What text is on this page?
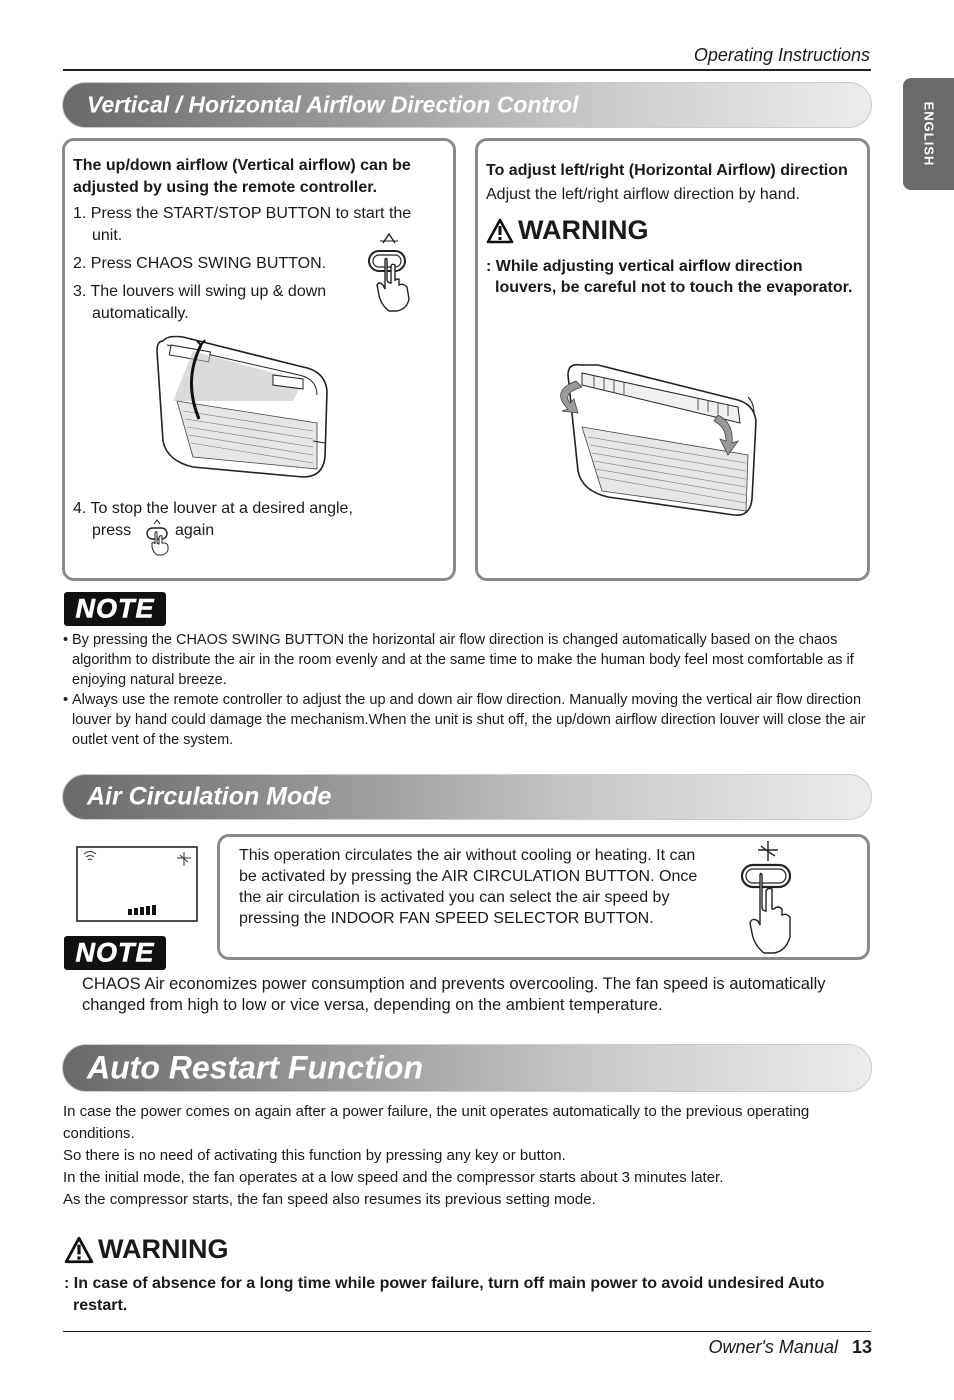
Operating Instructions
ENGLISH
Vertical / Horizontal Airflow Direction Control
The up/down airflow (Vertical airflow) can be adjusted by using the remote controller.
1. Press the START/STOP BUTTON to start the unit.
2. Press CHAOS SWING BUTTON.
3. The louvers will swing up & down automatically.
4. To stop the louver at a desired angle,
press	again
To adjust left/right (Horizontal Airflow) direction
Adjust the left/right airflow direction by hand.
WARNING
: While adjusting vertical airflow direction louvers, be careful not to touch the evaporator.
NOTE
• By pressing the CHAOS SWING BUTTON the horizontal air flow direction is changed automatically based on the chaos algorithm to distribute the air in the room evenly and at the same time to make the human body feel most comfortable as if enjoying natural breeze.
• Always use the remote controller to adjust the up and down air flow direction. Manually moving the vertical air flow direction louver by hand could damage the mechanism.When the unit is shut off, the up/down airflow direction louver will close the air outlet vent of the system.
Air Circulation Mode
This operation circulates the air without cooling or heating. It can be activated by pressing the AIR CIRCULATION BUTTON. Once the air circulation is activated you can select the air speed by pressing the INDOOR FAN SPEED SELECTOR BUTTON.
NOTE
CHAOS Air economizes power consumption and prevents overcooling. The fan speed is automatically changed from high to low or vice versa, depending on the ambient temperature.
Auto Restart Function
In case the power comes on again after a power failure, the unit operates automatically to the previous operating conditions.
So there is no need of activating this function by pressing any key or button.
In the initial mode, the fan operates at a low speed and the compressor starts about 3 minutes later.
As the compressor starts, the fan speed also resumes its previous setting mode.
WARNING
: In case of absence for a long time while power failure, turn off main power to avoid undesired Auto restart.
Owner's Manual 13
